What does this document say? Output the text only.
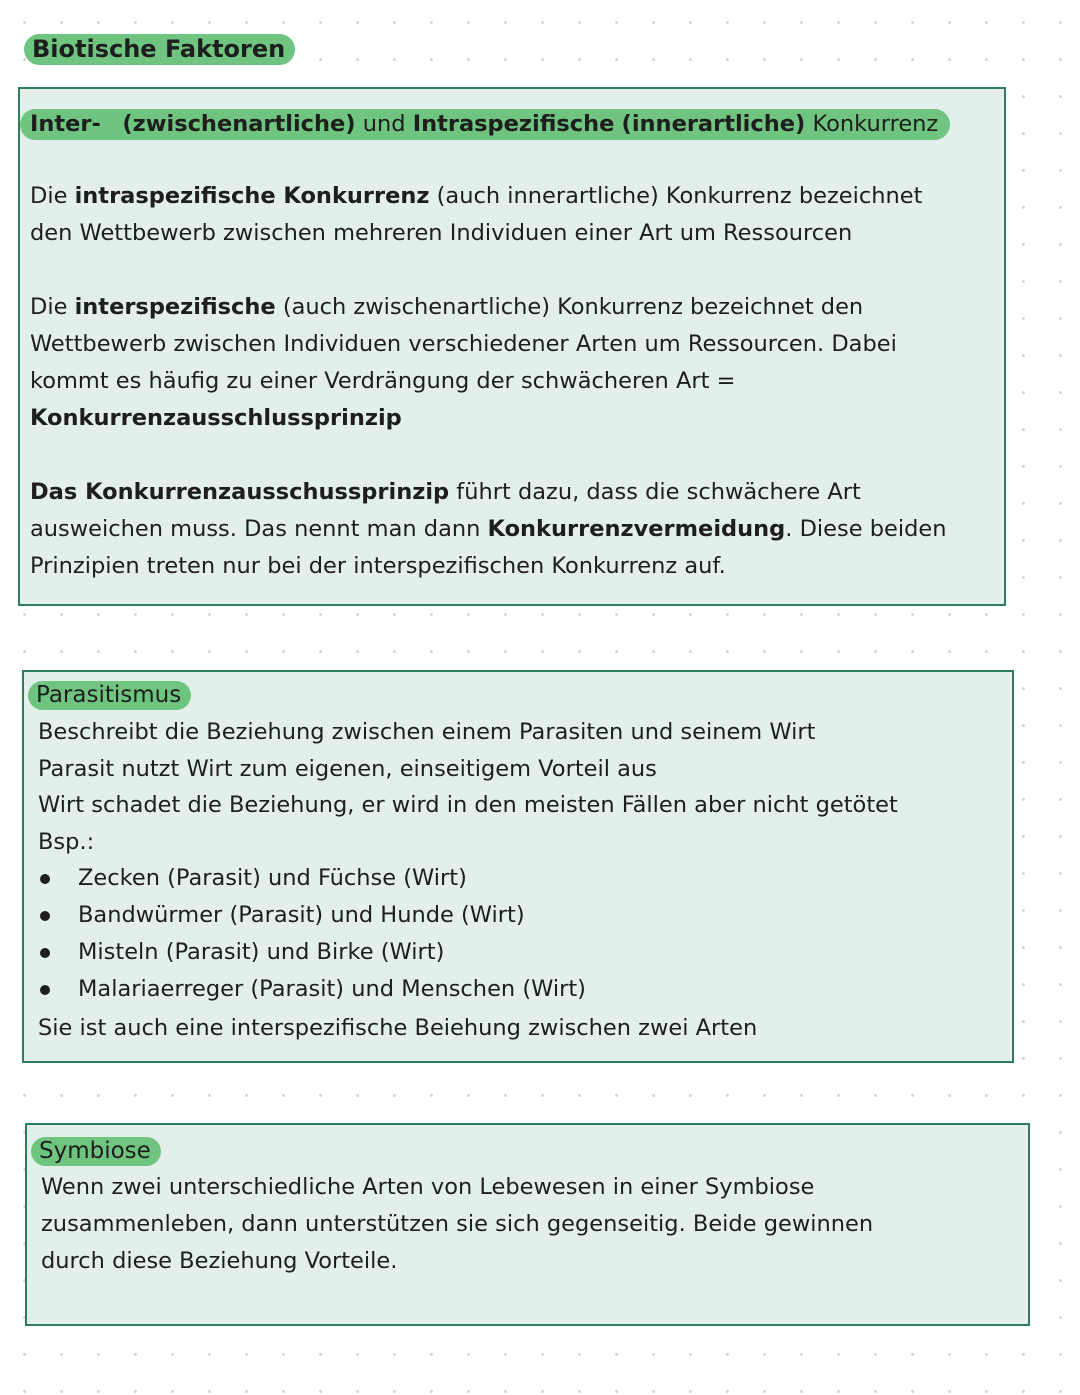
Biotische Faktoren
Inter- (zwischenartliche) und Intraspezifische (innerartliche) Konkurrenz

Die intraspezifische Konkurrenz (auch innerartliche) Konkurrenz bezeichnet
den Wettbewerb zwischen mehreren Individuen einer Art um Ressourcen

Die interspezifische (auch zwischenartliche) Konkurrenz bezeichnet den
Wettbewerb zwischen Individuen verschiedener Arten um Ressourcen. Dabei
kommt es häufig zu einer Verdrängung der schwächeren Art =
Konkurrenzausschlussprinzip

Das Konkurrenzausschussprinzip führt dazu, dass die schwächere Art
ausweichen muss. Das nennt man dann Konkurrenzvermeidung. Diese beiden
Prinzipien treten nur bei der interspezifischen Konkurrenz auf.

Parasitismus

Beschreibt die Beziehung zwischen einem Parasiten und seinem Wirt

Parasit nutzt Wirt zum eigenen, einseitigem Vorteil aus

Wirt schadet die Beziehung, er wird in den meisten Fällen aber nicht getötet

Bsp.:

Zecken (Parasit) und Füchse (Wirt)
Bandwürmer (Parasit) und Hunde (Wirt)
Misteln (Parasit) und Birke (Wirt)
Malariaerreger (Parasit) und Menschen (Wirt)

Sie ist auch eine interspezifische Beiehung zwischen zwei Arten

Symbiose

Wenn zwei unterschiedliche Arten von Lebewesen in einer Symbiose
zusammenleben, dann unterstützen sie sich gegenseitig. Beide gewinnen
durch diese Beziehung Vorteile.
